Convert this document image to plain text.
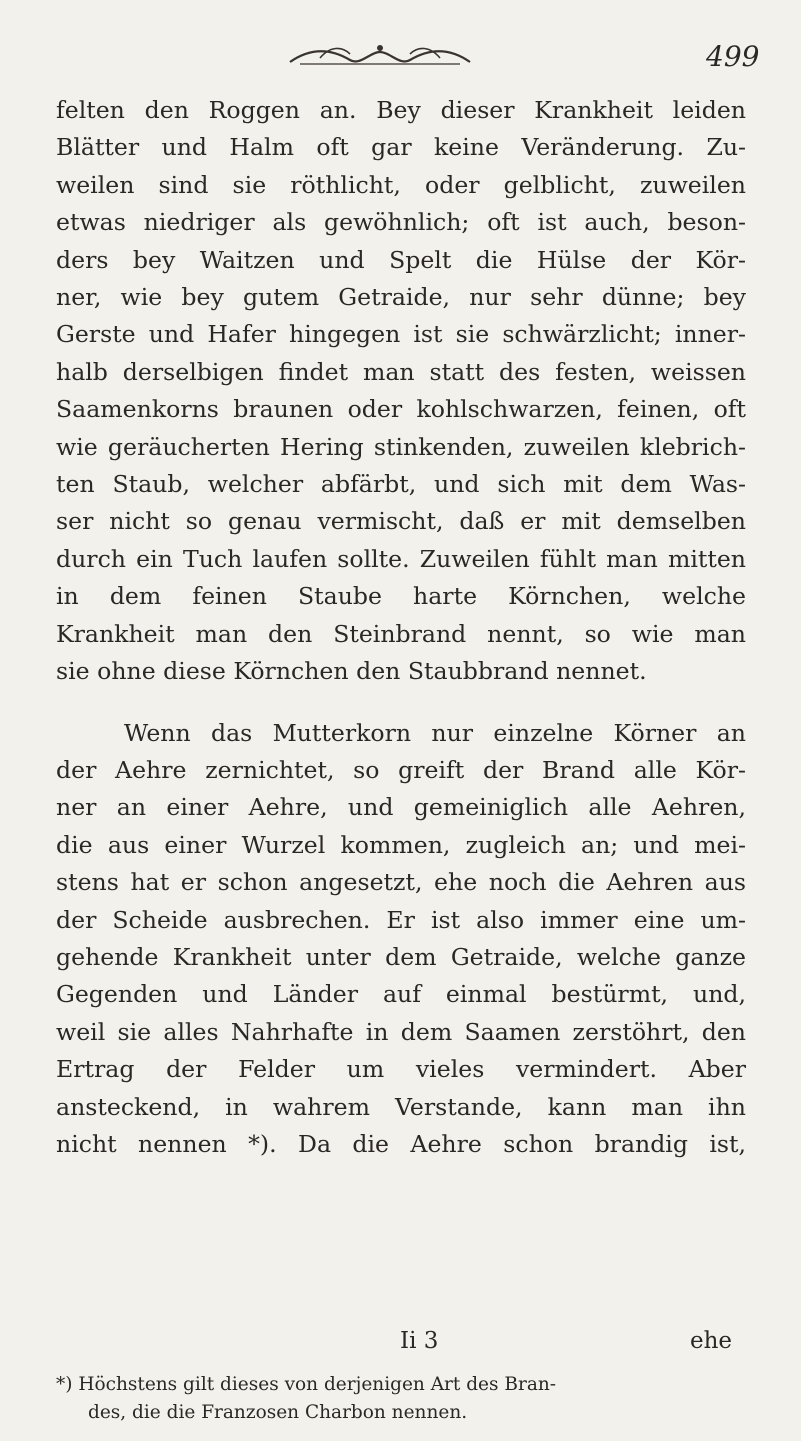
499
felten den Roggen an. Bey dieser Krankheit leiden
Blätter und Halm oft gar keine Veränderung. Zu-
weilen sind sie röthlicht, oder gelblicht, zuweilen
etwas niedriger als gewöhnlich; oft ist auch, beson-
ders bey Waitzen und Spelt die Hülse der Kör-
ner, wie bey gutem Getraide, nur sehr dünne; bey
Gerste und Hafer hingegen ist sie schwärzlicht; inner-
halb derselbigen findet man statt des festen, weissen
Saamenkorns braunen oder kohlschwarzen, feinen, oft
wie geräucherten Hering stinkenden, zuweilen klebrich-
ten Staub, welcher abfärbt, und sich mit dem Was-
ser nicht so genau vermischt, daß er mit demselben
durch ein Tuch laufen sollte. Zuweilen fühlt man mitten
in dem feinen Staube harte Körnchen, welche
Krankheit man den Steinbrand nennt, so wie man
sie ohne diese Körnchen den Staubbrand nennet.
Wenn das Mutterkorn nur einzelne Körner an
der Aehre zernichtet, so greift der Brand alle Kör-
ner an einer Aehre, und gemeiniglich alle Aehren,
die aus einer Wurzel kommen, zugleich an; und mei-
stens hat er schon angesetzt, ehe noch die Aehren aus
der Scheide ausbrechen. Er ist also immer eine um-
gehende Krankheit unter dem Getraide, welche ganze
Gegenden und Länder auf einmal bestürmt, und,
weil sie alles Nahrhafte in dem Saamen zerstöhrt, den
Ertrag der Felder um vieles vermindert. Aber
ansteckend, in wahrem Verstande, kann man ihn
nicht nennen *). Da die Aehre schon brandig ist,
Ii 3	ehe
*) Höchstens gilt dieses von derjenigen Art des Bran-
des, die die Franzosen Charbon nennen.
